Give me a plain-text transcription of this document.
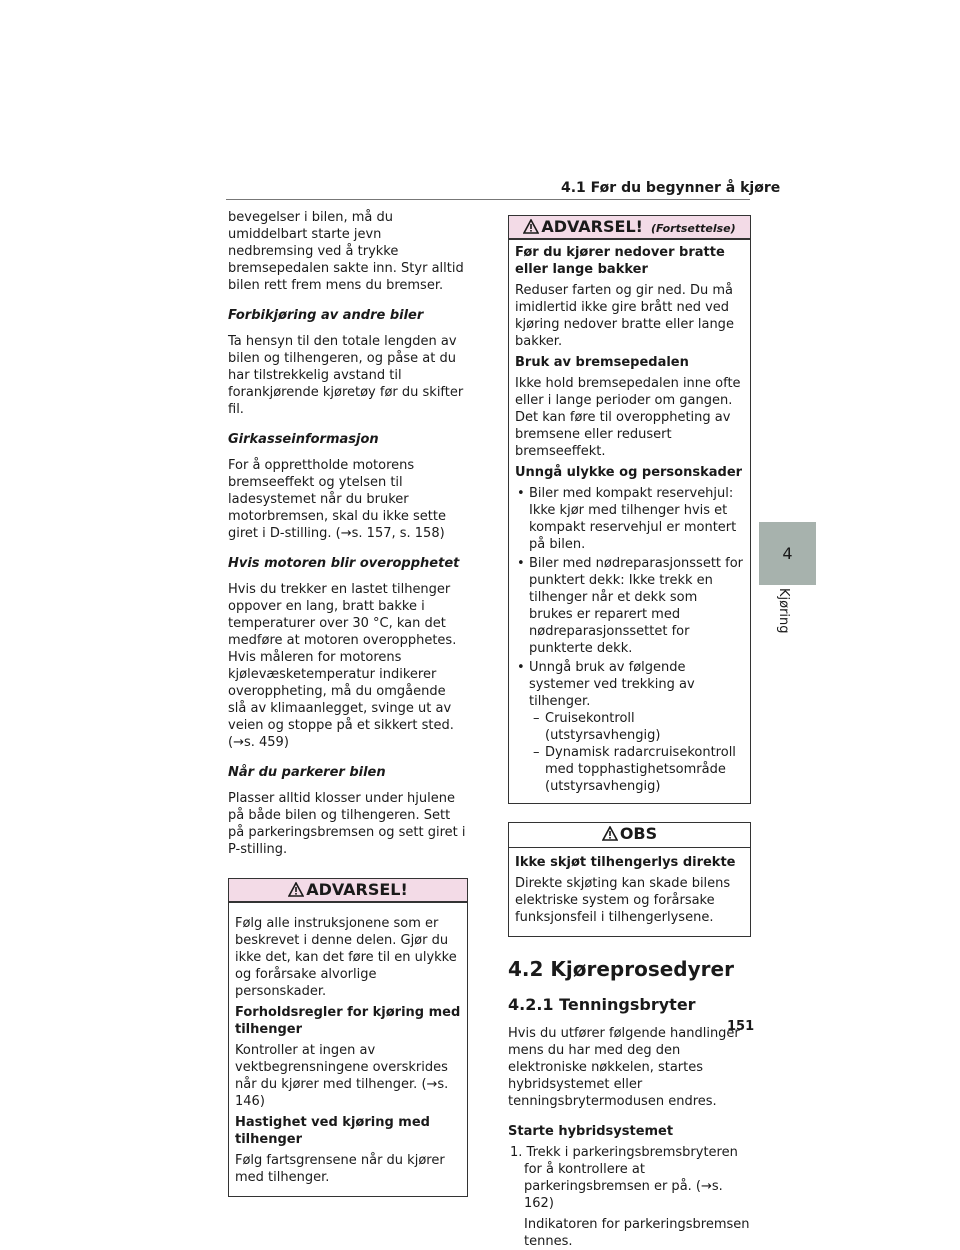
4.1 Før du begynner å kjøre

bevegelser i bilen, må du umiddelbart starte jevn nedbremsing ved å trykke bremsepedalen sakte inn. Styr alltid bilen rett frem mens du bremser.

Forbikjøring av andre biler

Ta hensyn til den totale lengden av bilen og tilhengeren, og påse at du har tilstrekkelig avstand til forankjørende kjøretøy før du skifter fil.

Girkasseinformasjon

For å opprettholde motorens bremseeffekt og ytelsen til ladesystemet når du bruker motorbremsen, skal du ikke sette giret i D-stilling. (→s. 157, s. 158)

Hvis motoren blir overopphetet

Hvis du trekker en lastet tilhenger oppover en lang, bratt bakke i temperaturer over 30 °C, kan det medføre at motoren overopphetes. Hvis måleren for motorens kjølevæsketemperatur indikerer overoppheting, må du omgående slå av klimaanlegget, svinge ut av veien og stoppe på et sikkert sted. (→s. 459)

Når du parkerer bilen

Plasser alltid klosser under hjulene på både bilen og tilhengeren. Sett på parkeringsbremsen og sett giret i P-stilling.

ADVARSEL!

Følg alle instruksjonene som er beskrevet i denne delen. Gjør du ikke det, kan det føre til en ulykke og forårsake alvorlige personskader.

Forholdsregler for kjøring med tilhenger

Kontroller at ingen av vektbegrensningene overskrides når du kjører med tilhenger. (→s. 146)

Hastighet ved kjøring med tilhenger

Følg fartsgrensene når du kjører med tilhenger.

ADVARSEL! (Fortsettelse)

Før du kjører nedover bratte eller lange bakker

Reduser farten og gir ned. Du må imidlertid ikke gire brått ned ved kjøring nedover bratte eller lange bakker.

Bruk av bremsepedalen

Ikke hold bremsepedalen inne ofte eller i lange perioder om gangen. Det kan føre til overoppheting av bremsene eller redusert bremseeffekt.

Unngå ulykke og personskader

• Biler med kompakt reservehjul: Ikke kjør med tilhenger hvis et kompakt reservehjul er montert på bilen.
• Biler med nødreparasjonssett for punktert dekk: Ikke trekk en tilhenger når et dekk som brukes er reparert med nødreparasjonssettet for punkterte dekk.
• Unngå bruk av følgende systemer ved trekking av tilhenger.
– Cruisekontroll (utstyrsavhengig)
– Dynamisk radarcruisekontroll med topphastighetsområde (utstyrsavhengig)
OBS

Ikke skjøt tilhengerlys direkte

Direkte skjøting kan skade bilens elektriske system og forårsake funksjonsfeil i tilhengerlysene.

4.2 Kjøreprosedyrer
4.2.1 Tenningsbryter

Hvis du utfører følgende handlinger mens du har med deg den elektroniske nøkkelen, startes hybridsystemet eller tenningsbrytermodusen endres.

Starte hybridsystemet

1. Trekk i parkeringsbremsbryteren for å kontrollere at parkeringsbremsen er på. (→s. 162)

Indikatoren for parkeringsbremsen tennes.

4
Kjøring
151
